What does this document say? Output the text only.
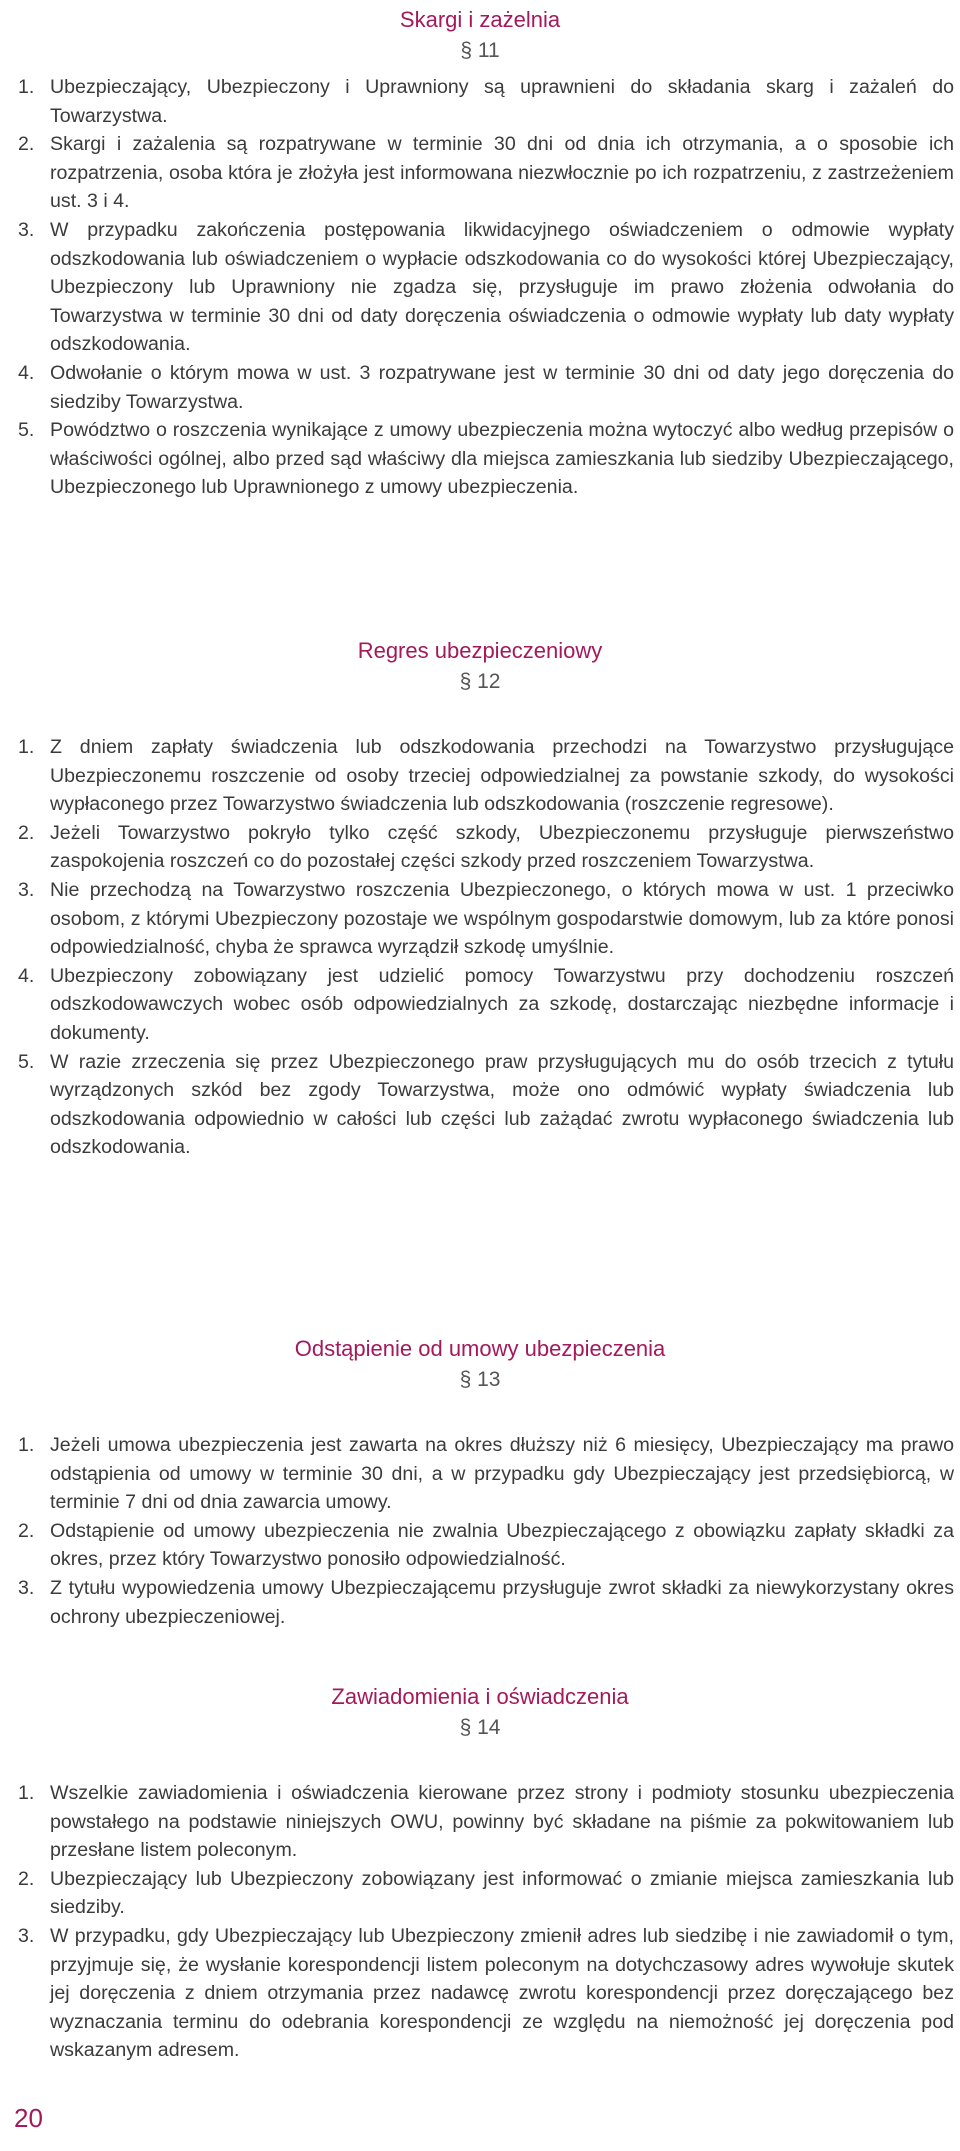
Skargi i zażelnia
§ 11
1. Ubezpieczający, Ubezpieczony i Uprawniony są uprawnieni do składania skarg i zażaleń do Towarzystwa.
2. Skargi i zażalenia są rozpatrywane w terminie 30 dni od dnia ich otrzymania, a o sposobie ich rozpatrzenia, osoba która je złożyła jest informowana niezwłocznie po ich rozpatrzeniu, z zastrzeżeniem ust. 3 i 4.
3. W przypadku zakończenia postępowania likwidacyjnego oświadczeniem o odmowie wypłaty odszkodowania lub oświadczeniem o wypłacie odszkodowania co do wysokości której Ubezpieczający, Ubezpieczony lub Uprawniony nie zgadza się, przysługuje im prawo złożenia odwołania do Towarzystwa w terminie 30 dni od daty doręczenia oświadczenia o odmowie wypłaty lub daty wypłaty odszkodowania.
4. Odwołanie o którym mowa w ust. 3 rozpatrywane jest w terminie 30 dni od daty jego doręczenia do siedziby Towarzystwa.
5. Powództwo o roszczenia wynikające z umowy ubezpieczenia można wytoczyć albo według przepisów o właściwości ogólnej, albo przed sąd właściwy dla miejsca zamieszkania lub siedziby Ubezpieczającego, Ubezpieczonego lub Uprawnionego z umowy ubezpieczenia.
Regres ubezpieczeniowy
§ 12
1. Z dniem zapłaty świadczenia lub odszkodowania przechodzi na Towarzystwo przysługujące Ubezpieczonemu roszczenie od osoby trzeciej odpowiedzialnej za powstanie szkody, do wysokości wypłaconego przez Towarzystwo świadczenia lub odszkodowania (roszczenie regresowe).
2. Jeżeli Towarzystwo pokryło tylko część szkody, Ubezpieczonemu przysługuje pierwszeństwo zaspokojenia roszczeń co do pozostałej części szkody przed roszczeniem Towarzystwa.
3. Nie przechodzą na Towarzystwo roszczenia Ubezpieczonego, o których mowa w ust. 1 przeciwko osobom, z którymi Ubezpieczony pozostaje we wspólnym gospodarstwie domowym, lub za które ponosi odpowiedzialność, chyba że sprawca wyrządził szkodę umyślnie.
4. Ubezpieczony zobowiązany jest udzielić pomocy Towarzystwu przy dochodzeniu roszczeń odszkodowawczych wobec osób odpowiedzialnych za szkodę, dostarczając niezbędne informacje i dokumenty.
5. W razie zrzeczenia się przez Ubezpieczonego praw przysługujących mu do osób trzecich z tytułu wyrządzonych szkód bez zgody Towarzystwa, może ono odmówić wypłaty świadczenia lub odszkodowania odpowiednio w całości lub części lub zażądać zwrotu wypłaconego świadczenia lub odszkodowania.
Odstąpienie od umowy ubezpieczenia
§ 13
1. Jeżeli umowa ubezpieczenia jest zawarta na okres dłuższy niż 6 miesięcy, Ubezpieczający ma prawo odstąpienia od umowy w terminie 30 dni, a w przypadku gdy Ubezpieczający jest przedsiębiorcą, w terminie 7 dni od dnia zawarcia umowy.
2. Odstąpienie od umowy ubezpieczenia nie zwalnia Ubezpieczającego z obowiązku zapłaty składki za okres, przez który Towarzystwo ponosiło odpowiedzialność.
3. Z tytułu wypowiedzenia umowy Ubezpieczającemu przysługuje zwrot składki za niewykorzystany okres ochrony ubezpieczeniowej.
Zawiadomienia i oświadczenia
§ 14
1. Wszelkie zawiadomienia i oświadczenia kierowane przez strony i podmioty stosunku ubezpieczenia powstałego na podstawie niniejszych OWU, powinny być składane na piśmie za pokwitowaniem lub przesłane listem poleconym.
2. Ubezpieczający lub Ubezpieczony zobowiązany jest informować o zmianie miejsca zamieszkania lub siedziby.
3. W przypadku, gdy Ubezpieczający lub Ubezpieczony zmienił adres lub siedzibę i nie zawiadomił o tym, przyjmuje się, że wysłanie korespondencji listem poleconym na dotychczasowy adres wywołuje skutek jej doręczenia z dniem otrzymania przez nadawcę zwrotu korespondencji przez doręczającego bez wyznaczania terminu do odebrania korespondencji ze względu na niemożność jej doręczenia pod wskazanym adresem.
20
